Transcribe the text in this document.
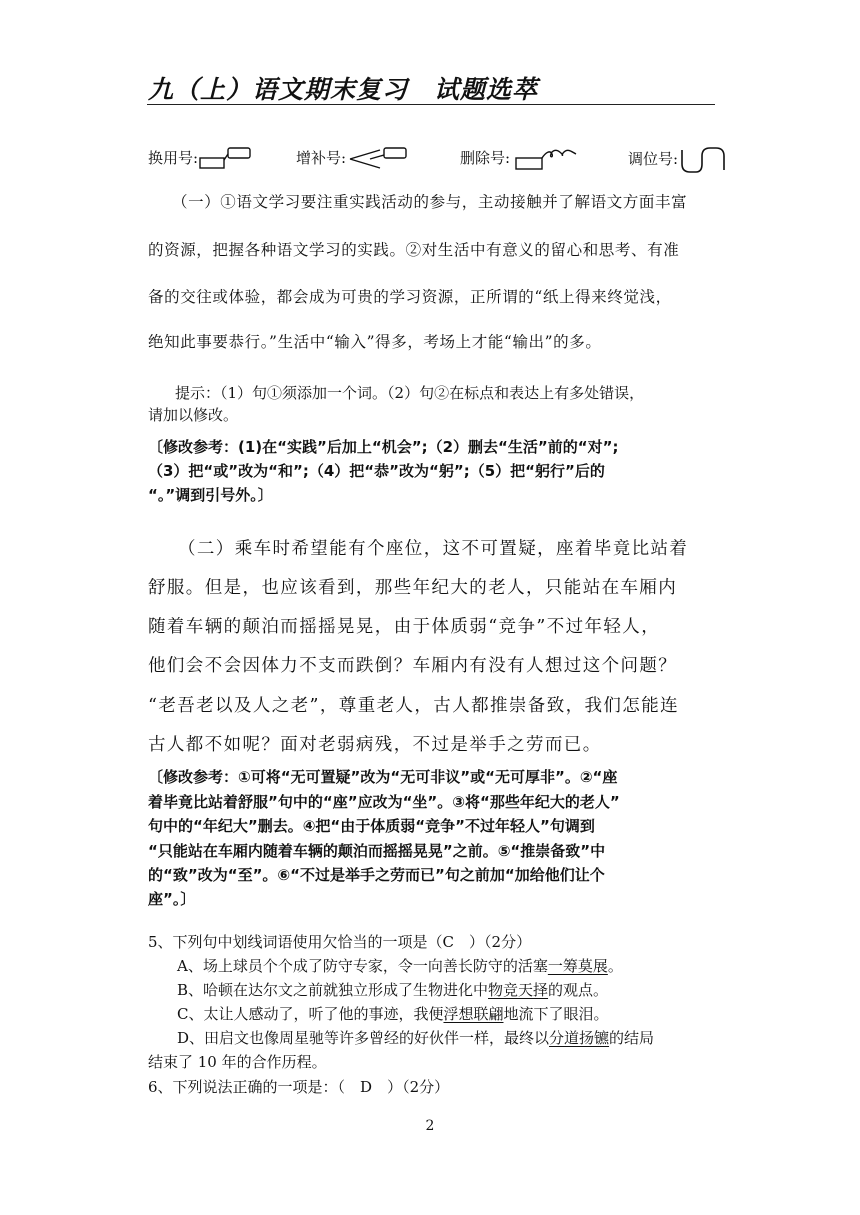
九（上）语文期末复习　试题选萃
换用号:	增补号:	删除号:	调位号:
（一）①语文学习要注重实践活动的参与，主动接触并了解语文方面丰富
的资源，把握各种语文学习的实践。②对生活中有意义的留心和思考、有准
备的交往或体验，都会成为可贵的学习资源，正所谓的“纸上得来终觉浅，
绝知此事要恭行。”生活中“输入”得多，考场上才能“输出”的多。
提示：（1）句①须添加一个词。（2）句②在标点和表达上有多处错误，
请加以修改。
〔修改参考：(1)在“实践”后加上“机会”;（2）删去“生活”前的“对”;
（3）把“或”改为“和”;（4）把“恭”改为“躬”;（5）把“躬行”后的
“。”调到引号外。〕
（二）乘车时希望能有个座位，这不可置疑，座着毕竟比站着
舒服。但是，也应该看到，那些年纪大的老人，只能站在车厢内
随着车辆的颠泊而摇摇晃晃，由于体质弱“竞争”不过年轻人，
他们会不会因体力不支而跌倒？车厢内有没有人想过这个问题？
“老吾老以及人之老”，尊重老人，古人都推崇备致，我们怎能连
古人都不如呢？面对老弱病残，不过是举手之劳而已。
〔修改参考：①可将“无可置疑”改为“无可非议”或“无可厚非”。②“座
着毕竟比站着舒服”句中的“座”应改为“坐”。③将“那些年纪大的老人”
句中的“年纪大”删去。④把“由于体质弱“竞争”不过年轻人”句调到
“只能站在车厢内随着车辆的颠泊而摇摇晃晃”之前。⑤“推崇备致”中
的“致”改为“至”。⑥“不过是举手之劳而已”句之前加“加给他们让个
座”。〕
5、下列句中划线词语使用欠恰当的一项是（C　）（2分）
A、场上球员个个成了防守专家，令一向善长防守的活塞一筹莫展。
B、哈顿在达尔文之前就独立形成了生物进化中物竞天择的观点。
C、太让人感动了，听了他的事迹，我便浮想联翩地流下了眼泪。
D、田启文也像周星驰等许多曾经的好伙伴一样，最终以分道扬镳的结局
结束了 10 年的合作历程。
6、下列说法正确的一项是：（　D　）（2分）
2
